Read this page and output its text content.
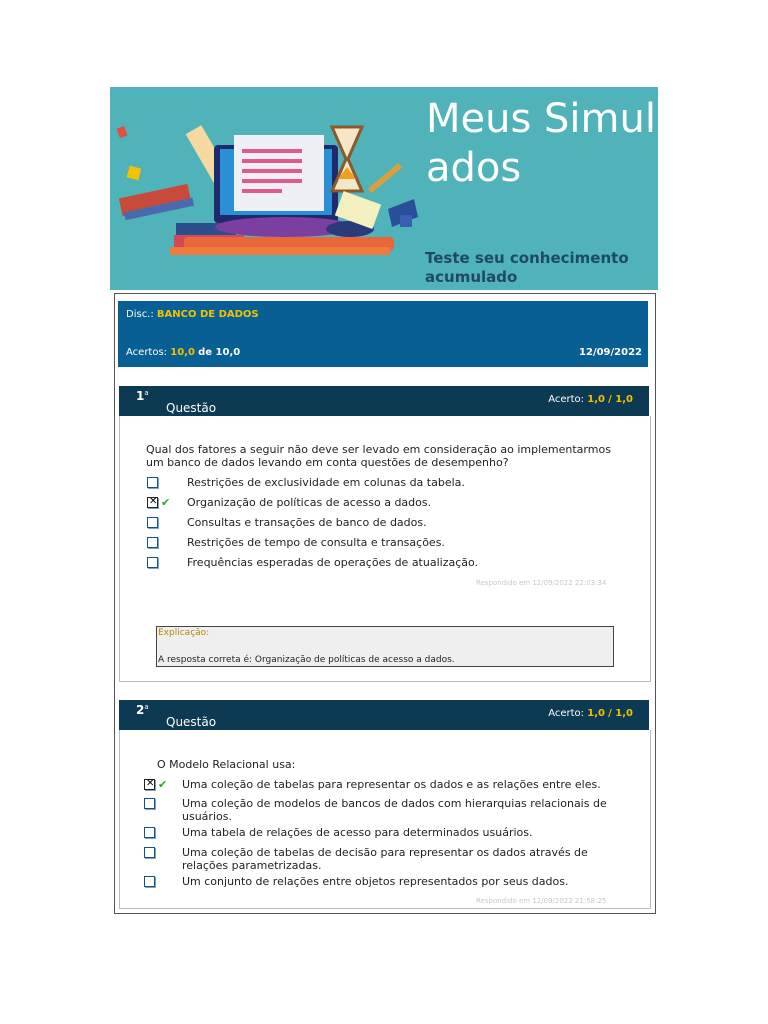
Meus Simulados
Teste seu conhecimento acumulado
Disc.: BANCO DE DADOS
Acertos: 10,0 de 10,0	12/09/2022
1$^a$
Questão
Acerto: 1,0 / 1,0
Qual dos fatores a seguir não deve ser levado em consideração ao implementarmos um banco de dados levando em conta questões de desempenho?
Restrições de exclusividade em colunas da tabela.
✕ ✔ Organização de políticas de acesso a dados.
Consultas e transações de banco de dados.
Restrições de tempo de consulta e transações.
Frequências esperadas de operações de atualização.
Respondido em 12/09/2022 22:03:34
Explicação:
A resposta correta é: Organização de políticas de acesso a dados.
2$^a$
Questão
Acerto: 1,0 / 1,0
O Modelo Relacional usa:
✕ ✔ Uma coleção de tabelas para representar os dados e as relações entre eles.
Uma coleção de modelos de bancos de dados com hierarquias relacionais de usuários.
Uma tabela de relações de acesso para determinados usuários.
Uma coleção de tabelas de decisão para representar os dados através de relações parametrizadas.
Um conjunto de relações entre objetos representados por seus dados.
Respondido em 12/09/2022 21:58:25
